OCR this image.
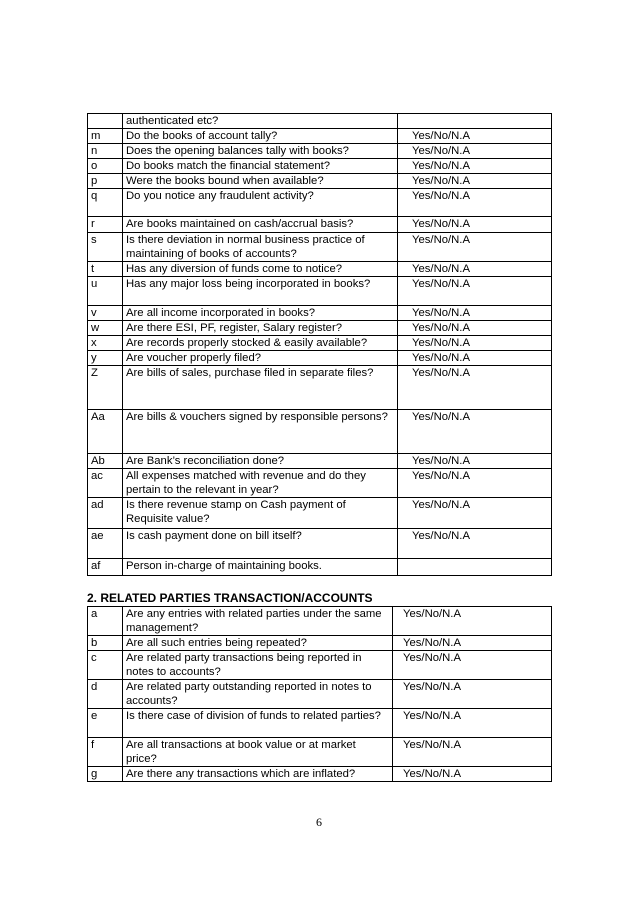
	authenticated etc?	
m	Do the books of account tally?	Yes/No/N.A
n	Does the opening balances tally with books?	Yes/No/N.A
o	Do books match the financial statement?	Yes/No/N.A
p	Were the books bound when available?	Yes/No/N.A
q	Do you notice any fraudulent activity?	Yes/No/N.A
r	Are books maintained on cash/accrual basis?	Yes/No/N.A
s	Is there deviation in normal business practice of maintaining of books of accounts?	Yes/No/N.A
t	Has any diversion of funds come to notice?	Yes/No/N.A
u	Has any major loss being incorporated in books?	Yes/No/N.A
v	Are all income incorporated in books?	Yes/No/N.A
w	Are there ESI, PF, register, Salary register?	Yes/No/N.A
x	Are records properly stocked & easily available?	Yes/No/N.A
y	Are voucher properly filed?	Yes/No/N.A
Z	Are bills of sales, purchase filed in separate files?	Yes/No/N.A
Aa	Are bills & vouchers signed by responsible persons?	Yes/No/N.A
Ab	Are Bank’s reconciliation done?	Yes/No/N.A
ac	All expenses matched with revenue and do they pertain to the relevant in year?	Yes/No/N.A
ad	Is there revenue stamp on Cash payment of Requisite value?	Yes/No/N.A
ae	Is cash payment done on bill itself?	Yes/No/N.A
af	Person in-charge of maintaining books.	
2. RELATED PARTIES TRANSACTION/ACCOUNTS
a	Are any entries with related parties under the same management?	Yes/No/N.A
b	Are all such entries being repeated?	Yes/No/N.A
c	Are related party transactions being reported in notes to accounts?	Yes/No/N.A
d	Are related party outstanding reported in notes to accounts?	Yes/No/N.A
e	Is there case of division of funds to related parties?	Yes/No/N.A
f	Are all transactions at book value or at market price?	Yes/No/N.A
g	Are there any transactions which are inflated?	Yes/No/N.A
6
